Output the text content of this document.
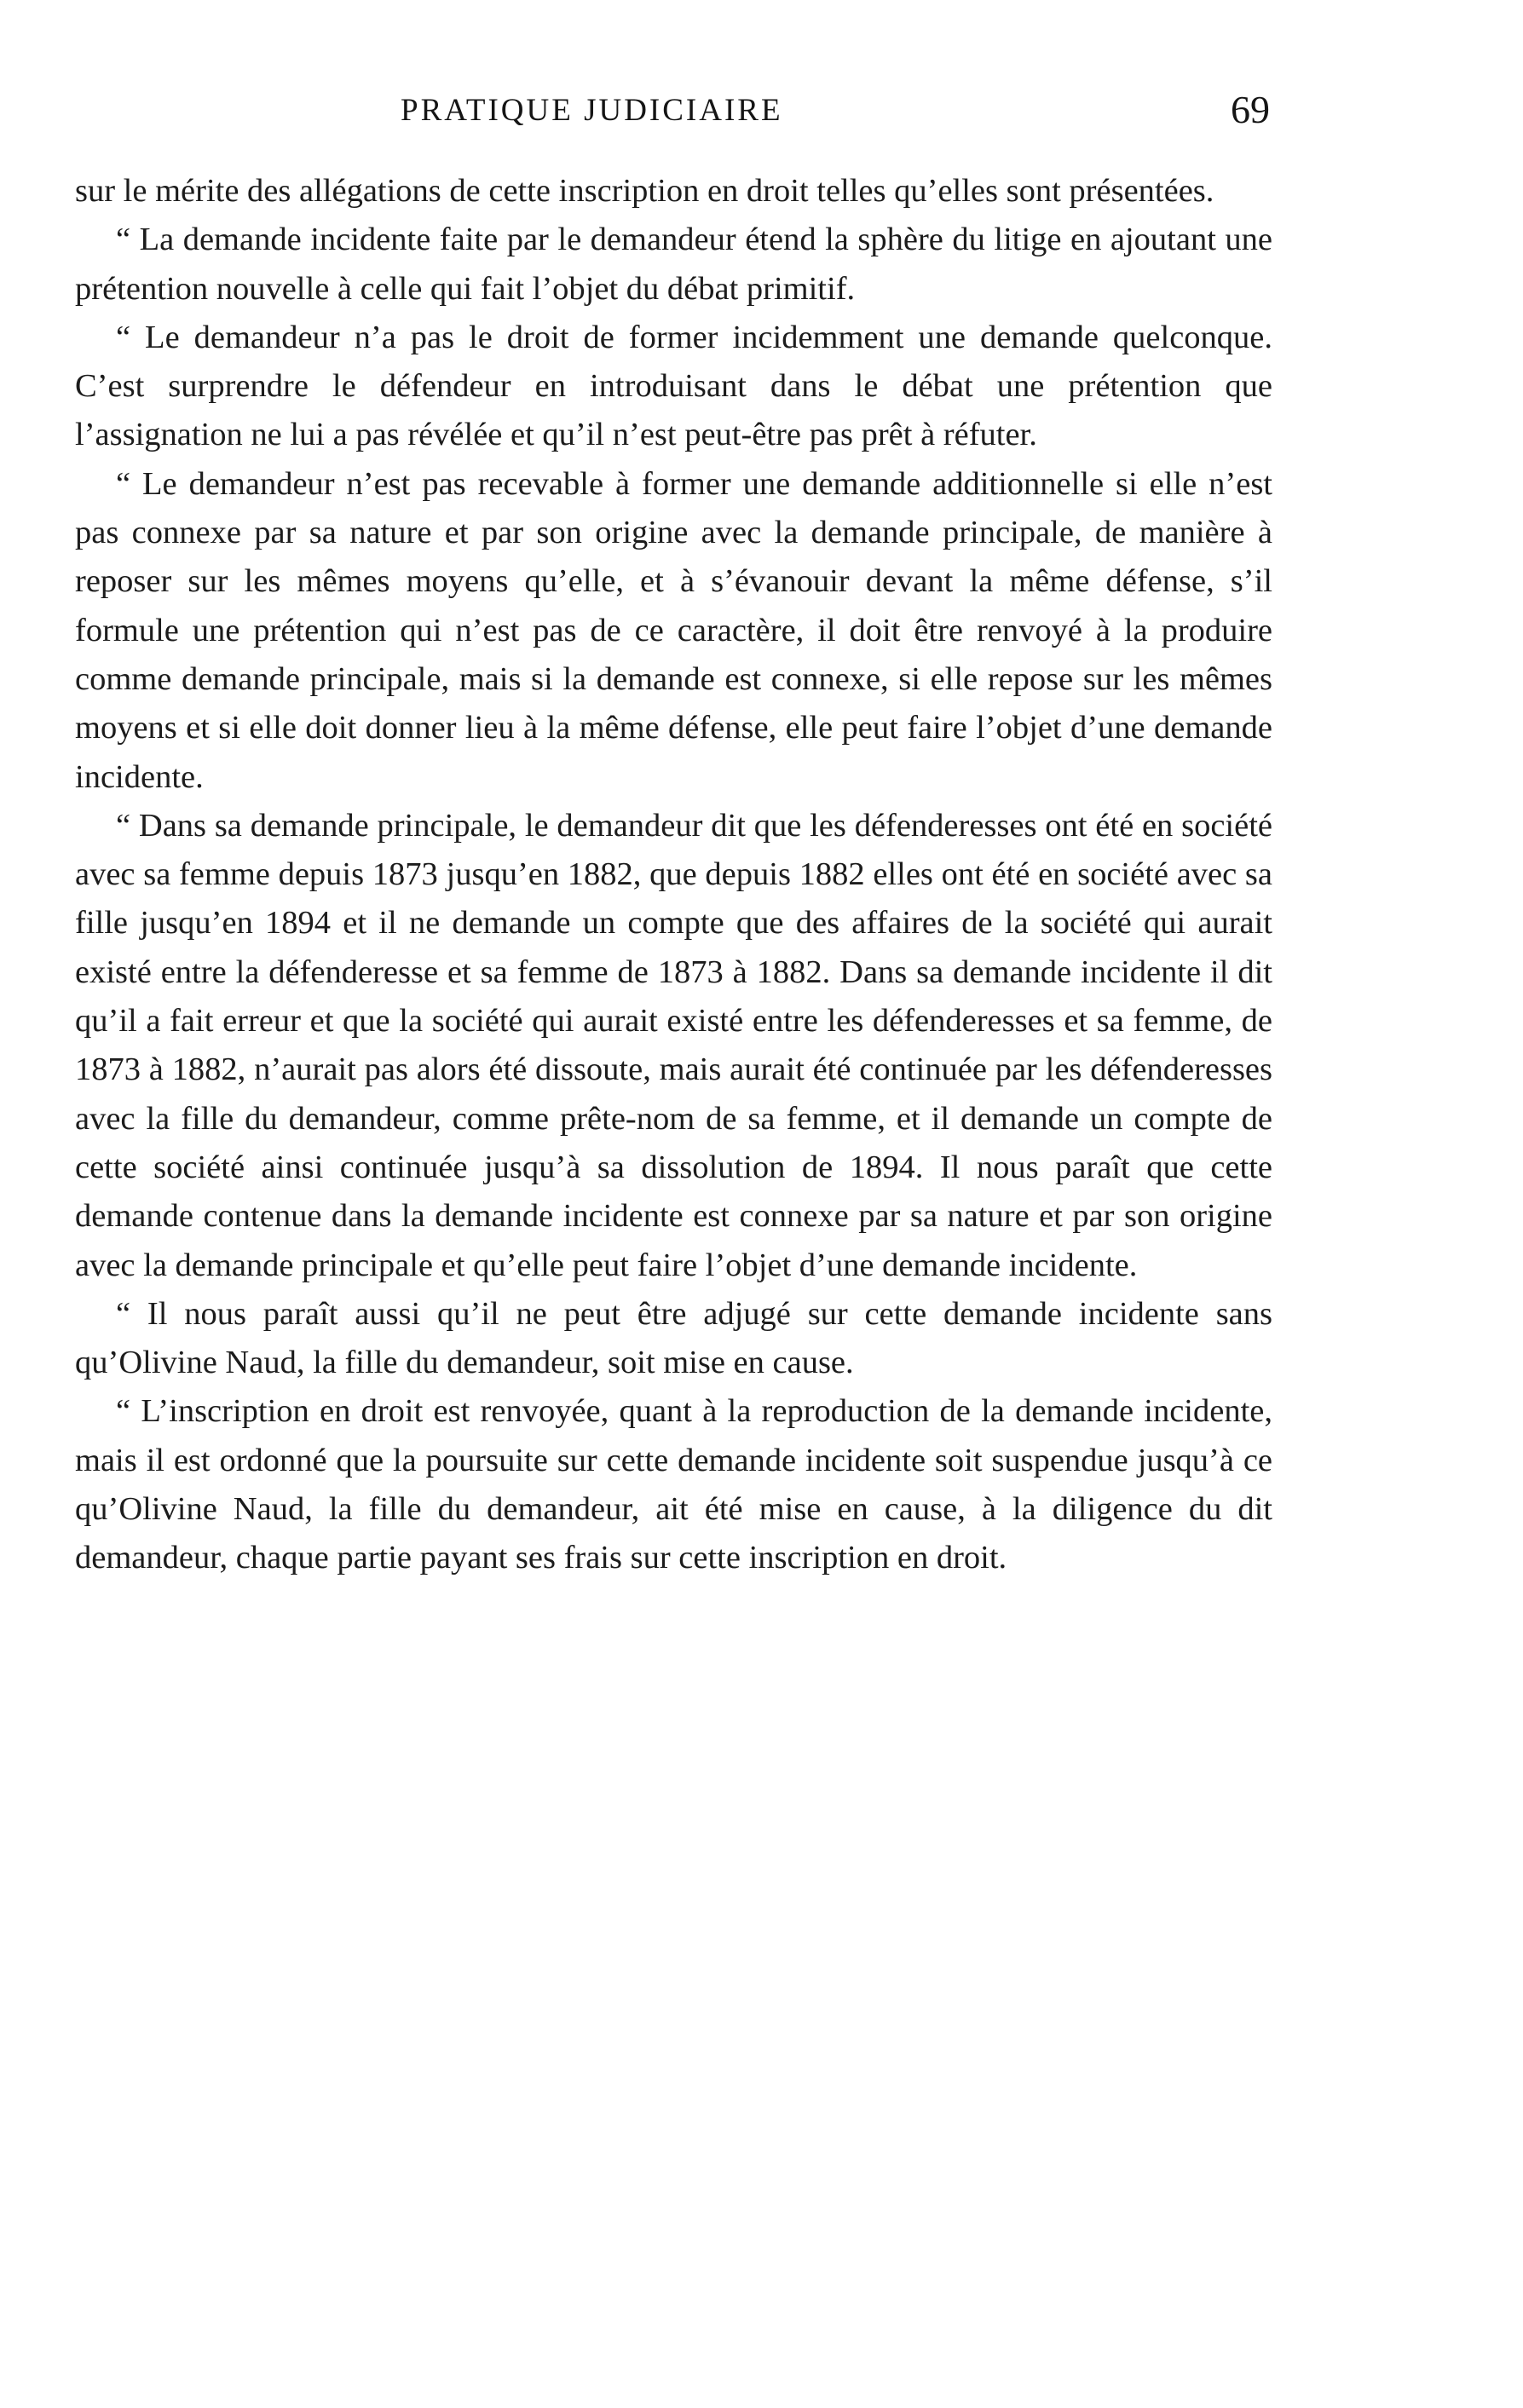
PRATIQUE JUDICIAIRE	69

sur le mérite des allégations de cette inscription en droit telles qu’elles sont présentées.

“ La demande incidente faite par le demandeur étend la sphère du litige en ajoutant une prétention nouvelle à celle qui fait l’objet du débat primitif.

“ Le demandeur n’a pas le droit de former incidemment une demande quelconque. C’est surprendre le défendeur en introduisant dans le débat une prétention que l’assignation ne lui a pas révélée et qu’il n’est peut-être pas prêt à réfuter.

“ Le demandeur n’est pas recevable à former une demande additionnelle si elle n’est pas connexe par sa nature et par son origine avec la demande principale, de manière à reposer sur les mêmes moyens qu’elle, et à s’évanouir devant la même défense, s’il formule une prétention qui n’est pas de ce caractère, il doit être renvoyé à la produire comme demande principale, mais si la demande est connexe, si elle repose sur les mêmes moyens et si elle doit donner lieu à la même défense, elle peut faire l’objet d’une demande incidente.

“ Dans sa demande principale, le demandeur dit que les défenderesses ont été en société avec sa femme depuis 1873 jusqu’en 1882, que depuis 1882 elles ont été en société avec sa fille jusqu’en 1894 et il ne demande un compte que des affaires de la société qui aurait existé entre la défenderesse et sa femme de 1873 à 1882. Dans sa demande incidente il dit qu’il a fait erreur et que la société qui aurait existé entre les défenderesses et sa femme, de 1873 à 1882, n’aurait pas alors été dissoute, mais aurait été continuée par les défenderesses avec la fille du demandeur, comme prête-nom de sa femme, et il demande un compte de cette société ainsi continuée jusqu’à sa dissolution de 1894. Il nous paraît que cette demande contenue dans la demande incidente est connexe par sa nature et par son origine avec la demande principale et qu’elle peut faire l’objet d’une demande incidente.

“ Il nous paraît aussi qu’il ne peut être adjugé sur cette demande incidente sans qu’Olivine Naud, la fille du demandeur, soit mise en cause.

“ L’inscription en droit est renvoyée, quant à la reproduction de la demande incidente, mais il est ordonné que la poursuite sur cette demande incidente soit suspendue jusqu’à ce qu’Olivine Naud, la fille du demandeur, ait été mise en cause, à la diligence du dit demandeur, chaque partie payant ses frais sur cette inscription en droit.
